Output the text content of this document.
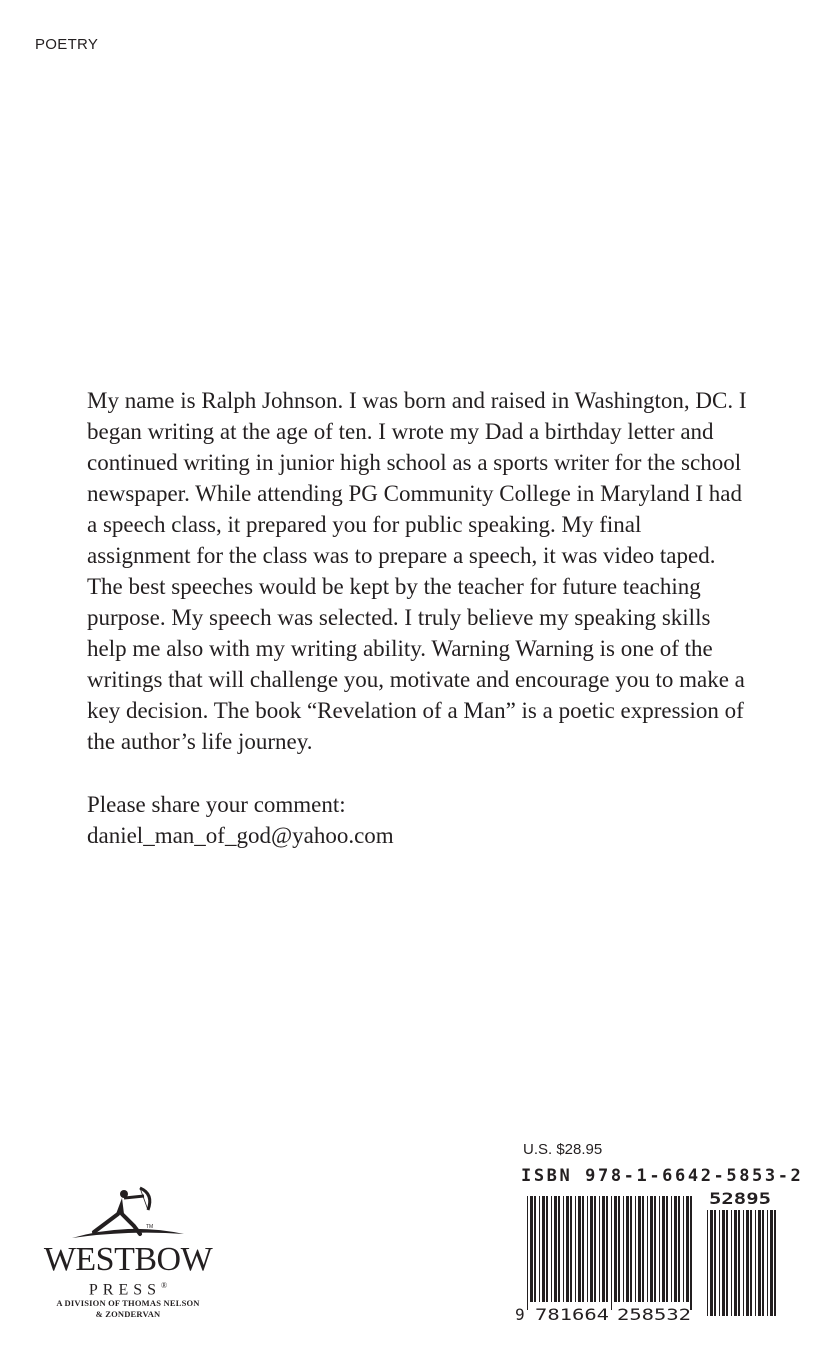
POETRY

My name is Ralph Johnson. I was born and raised in Washington, DC. I began writing at the age of ten. I wrote my Dad a birthday letter and continued writing in junior high school as a sports writer for the school newspaper. While attending PG Community College in Maryland I had a speech class, it prepared you for public speaking. My final assignment for the class was to prepare a speech, it was video taped. The best speeches would be kept by the teacher for future teaching purpose. My speech was selected. I truly believe my speaking skills help me also with my writing ability. Warning Warning is one of the writings that will challenge you, motivate and encourage you to make a key decision. The book “Revelation of a Man” is a poetic expression of the author’s life journey.

Please share your comment:

daniel_man_of_god@yahoo.com

TM
WESTBOW
PRESS®
A DIVISION OF THOMAS NELSON
& ZONDERVAN
U.S. $28.95
ISBN 978-1-6642-5853-2
9 781664 258532
52895
